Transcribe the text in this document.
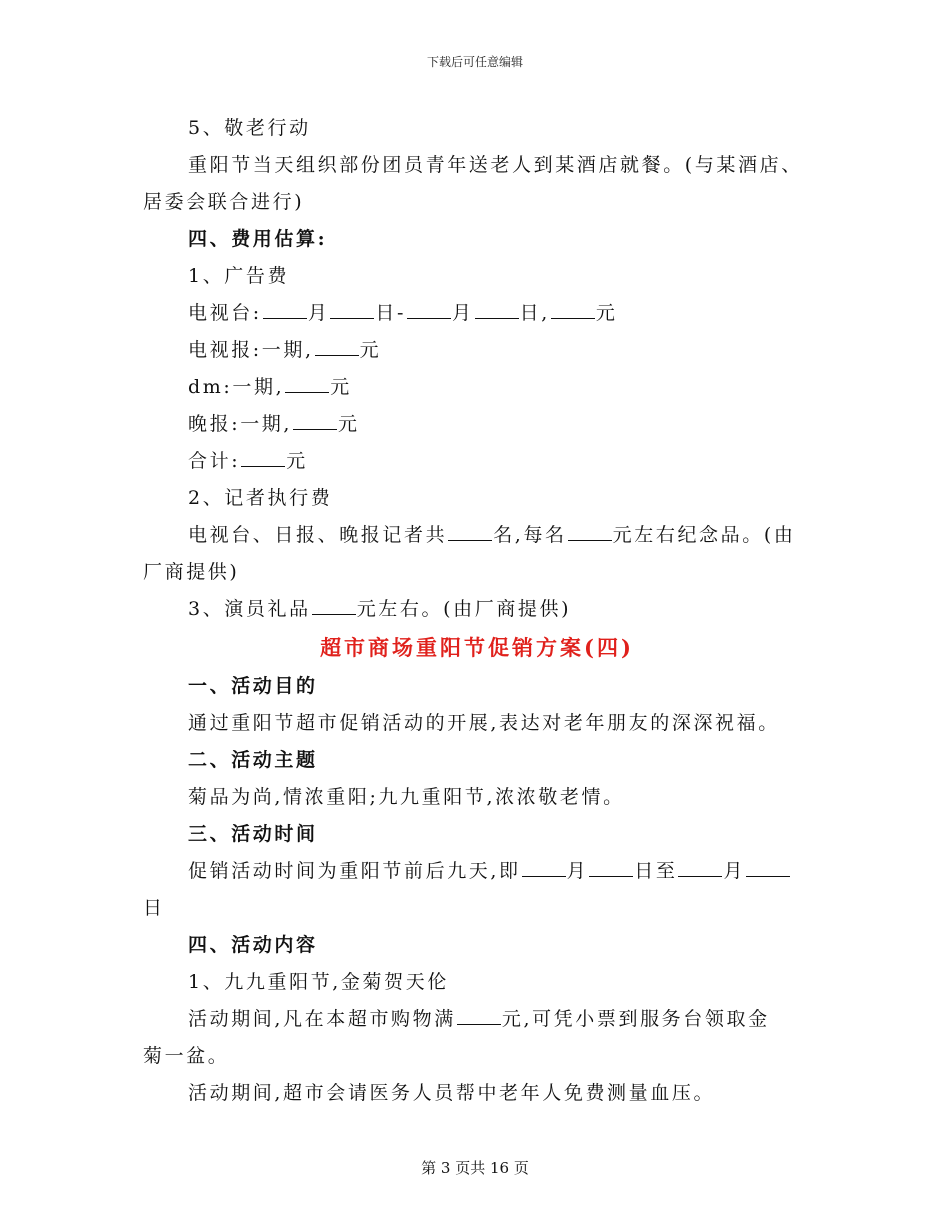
下载后可任意编辑

5、敬老行动

重阳节当天组织部份团员青年送老人到某酒店就餐。(与某酒店、

居委会联合进行)

四、费用估算:

1、广告费

电视台: 月 日- 月 日, 元

电视报:一期, 元

dm:一期, 元

晚报:一期, 元

合计: 元

2、记者执行费

电视台、日报、晚报记者共 名,每名 元左右纪念品。(由

厂商提供)

3、演员礼品 元左右。(由厂商提供)

超市商场重阳节促销方案(四)

一、活动目的

通过重阳节超市促销活动的开展,表达对老年朋友的深深祝福。

二、活动主题

菊品为尚,情浓重阳;九九重阳节,浓浓敬老情。

三、活动时间

促销活动时间为重阳节前后九天,即 月 日至 月

日

四、活动内容

1、九九重阳节,金菊贺天伦

活动期间,凡在本超市购物满 元,可凭小票到服务台领取金

菊一盆。

活动期间,超市会请医务人员帮中老年人免费测量血压。

第 3 页共 16 页
